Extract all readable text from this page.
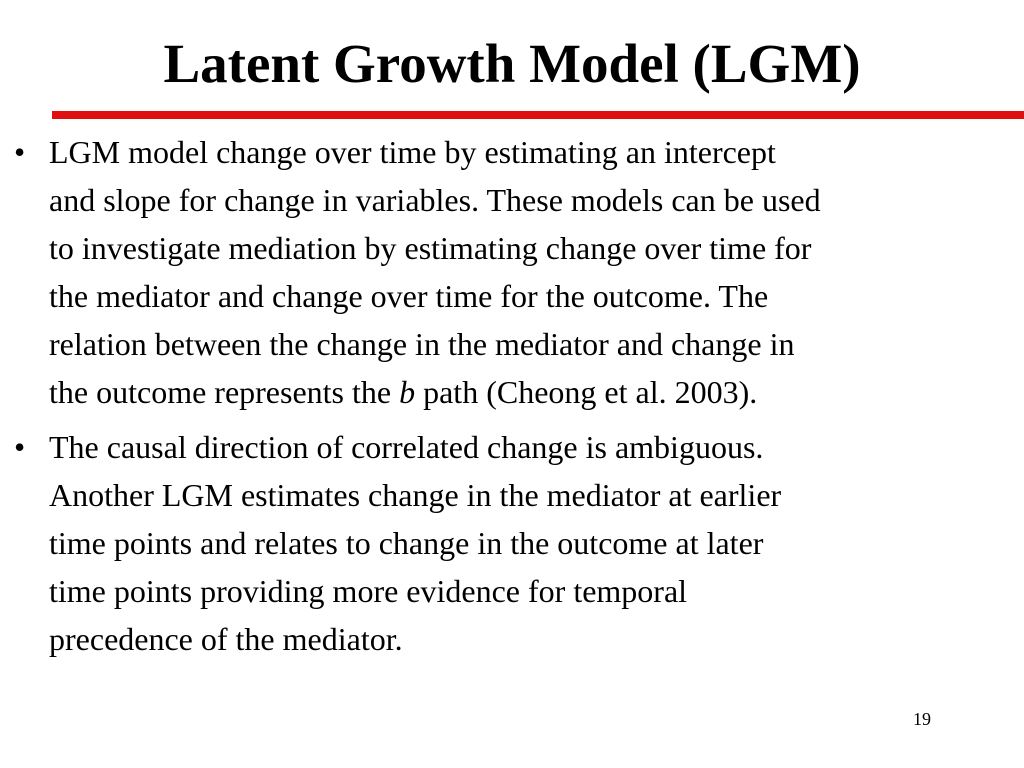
Latent Growth Model (LGM)
• LGM model change over time by estimating an intercept
and slope for change in variables. These models can be used
to investigate mediation by estimating change over time for
the mediator and change over time for the outcome. The
relation between the change in the mediator and change in
the outcome represents the b path (Cheong et al. 2003).
• The causal direction of correlated change is ambiguous.
Another LGM estimates change in the mediator at earlier
time points and relates to change in the outcome at later
time points providing more evidence for temporal
precedence of the mediator.
19
